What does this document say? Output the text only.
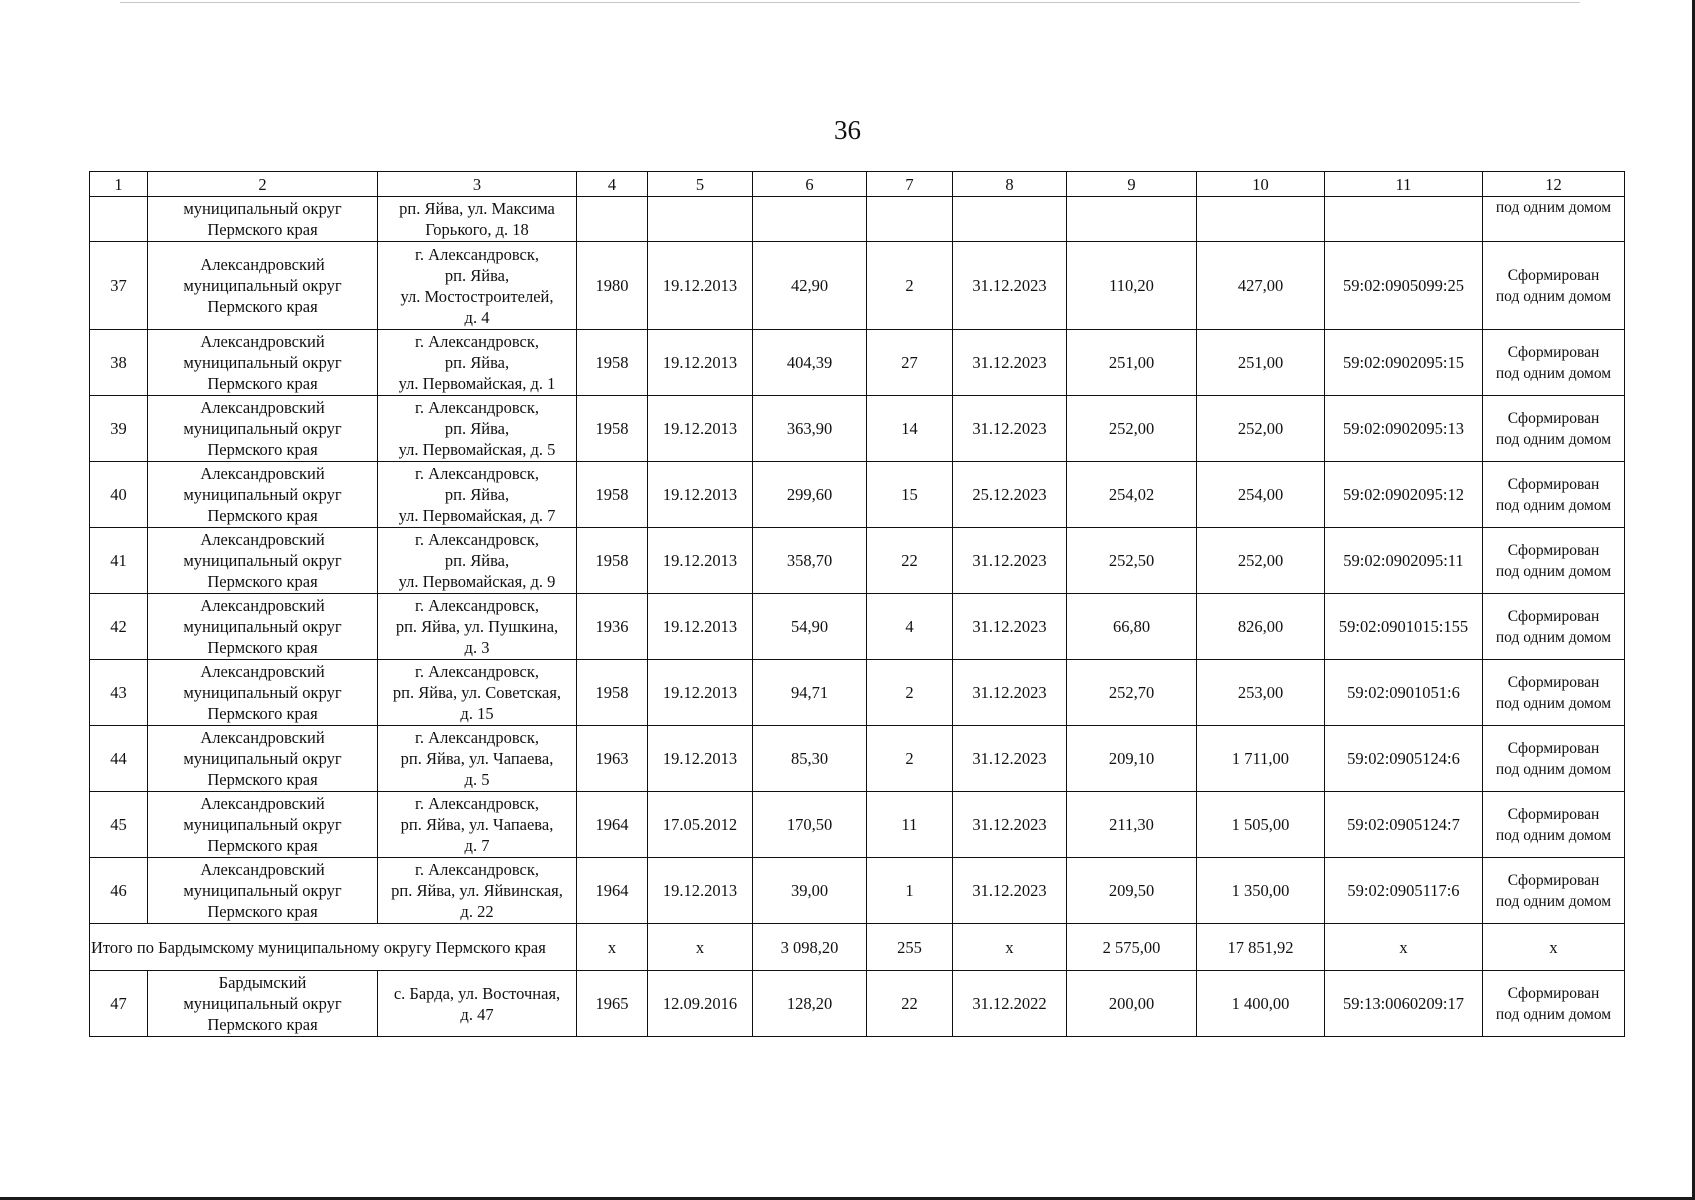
36
1	2	3	4	5	6	7	8	9	10	11	12

	муниципальный округ
Пермского края	рп. Яйва, ул. Максима
Горького, д. 18									под одним домом
37	Александровский
муниципальный округ
Пермского края	г. Александровск,
рп. Яйва,
ул. Мостостроителей,
д. 4	1980	19.12.2013	42,90	2	31.12.2023	110,20	427,00	59:02:0905099:25	Сформирован
под одним домом

38	Александровский
муниципальный округ
Пермского края	г. Александровск,
рп. Яйва,
ул. Первомайская, д. 1	1958	19.12.2013	404,39	27	31.12.2023	251,00	251,00	59:02:0902095:15	Сформирован
под одним домом

39	Александровский
муниципальный округ
Пермского края	г. Александровск,
рп. Яйва,
ул. Первомайская, д. 5	1958	19.12.2013	363,90	14	31.12.2023	252,00	252,00	59:02:0902095:13	Сформирован
под одним домом

40	Александровский
муниципальный округ
Пермского края	г. Александровск,
рп. Яйва,
ул. Первомайская, д. 7	1958	19.12.2013	299,60	15	25.12.2023	254,02	254,00	59:02:0902095:12	Сформирован
под одним домом

41	Александровский
муниципальный округ
Пермского края	г. Александровск,
рп. Яйва,
ул. Первомайская, д. 9	1958	19.12.2013	358,70	22	31.12.2023	252,50	252,00	59:02:0902095:11	Сформирован
под одним домом

42	Александровский
муниципальный округ
Пермского края	г. Александровск,
рп. Яйва, ул. Пушкина,
д. 3	1936	19.12.2013	54,90	4	31.12.2023	66,80	826,00	59:02:0901015:155	Сформирован
под одним домом

43	Александровский
муниципальный округ
Пермского края	г. Александровск,
рп. Яйва, ул. Советская,
д. 15	1958	19.12.2013	94,71	2	31.12.2023	252,70	253,00	59:02:0901051:6	Сформирован
под одним домом

44	Александровский
муниципальный округ
Пермского края	г. Александровск,
рп. Яйва, ул. Чапаева,
д. 5	1963	19.12.2013	85,30	2	31.12.2023	209,10	1 711,00	59:02:0905124:6	Сформирован
под одним домом

45	Александровский
муниципальный округ
Пермского края	г. Александровск,
рп. Яйва, ул. Чапаева,
д. 7	1964	17.05.2012	170,50	11	31.12.2023	211,30	1 505,00	59:02:0905124:7	Сформирован
под одним домом

46	Александровский
муниципальный округ
Пермского края	г. Александровск,
рп. Яйва, ул. Яйвинская,
д. 22	1964	19.12.2013	39,00	1	31.12.2023	209,50	1 350,00	59:02:0905117:6	Сформирован
под одним домом

Итого по Бардымскому муниципальному округу Пермского края			х	х	3 098,20	255	х	2 575,00	17 851,92	х	х
47	Бардымский
муниципальный округ
Пермского края	с. Барда, ул. Восточная,
д. 47	1965	12.09.2016	128,20	22	31.12.2022	200,00	1 400,00	59:13:0060209:17	Сформирован
под одним домом
